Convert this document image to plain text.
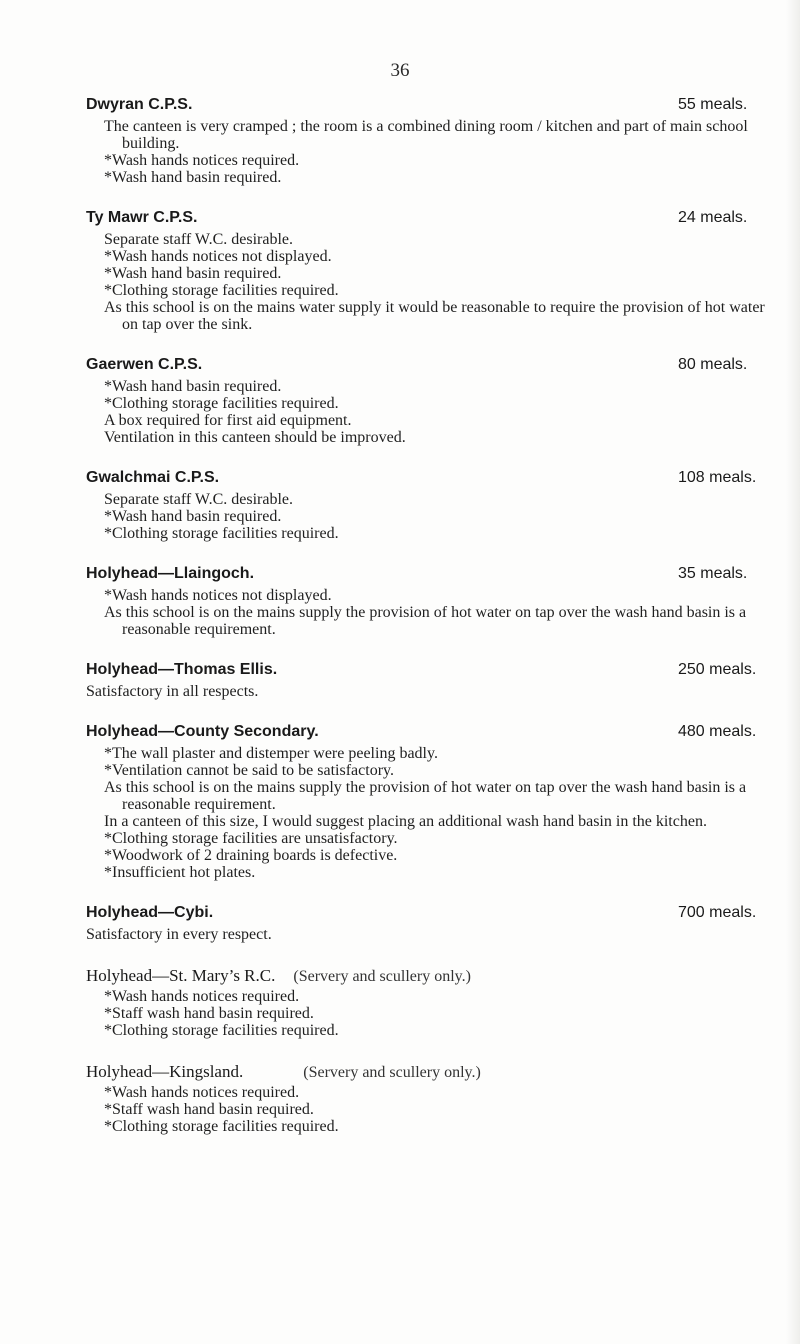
36
Dwyran C.P.S.	55 meals.
The canteen is very cramped ; the room is a combined dining room / kitchen and part of main school building.
*Wash hands notices required.
*Wash hand basin required.
Ty Mawr C.P.S.	24 meals.
Separate staff W.C. desirable.
*Wash hands notices not displayed.
*Wash hand basin required.
*Clothing storage facilities required.
As this school is on the mains water supply it would be reasonable to require the provision of hot water on tap over the sink.
Gaerwen C.P.S.	80 meals.
*Wash hand basin required.
*Clothing storage facilities required.
A box required for first aid equipment.
Ventilation in this canteen should be improved.
Gwalchmai C.P.S.	108 meals.
Separate staff W.C. desirable.
*Wash hand basin required.
*Clothing storage facilities required.
Holyhead—Llaingoch.	35 meals.
*Wash hands notices not displayed.
As this school is on the mains supply the provision of hot water on tap over the wash hand basin is a reasonable requirement.
Holyhead—Thomas Ellis.	250 meals.
Satisfactory in all respects.
Holyhead—County Secondary.	480 meals.
*The wall plaster and distemper were peeling badly.
*Ventilation cannot be said to be satisfactory.
As this school is on the mains supply the provision of hot water on tap over the wash hand basin is a reasonable requirement.
In a canteen of this size, I would suggest placing an additional wash hand basin in the kitchen.
*Clothing storage facilities are unsatisfactory.
*Woodwork of 2 draining boards is defective.
*Insufficient hot plates.
Holyhead—Cybi.	700 meals.
Satisfactory in every respect.
Holyhead—St. Mary’s R.C. (Servery and scullery only.)
*Wash hands notices required.
*Staff wash hand basin required.
*Clothing storage facilities required.
Holyhead—Kingsland.	(Servery and scullery only.)
*Wash hands notices required.
*Staff wash hand basin required.
*Clothing storage facilities required.
